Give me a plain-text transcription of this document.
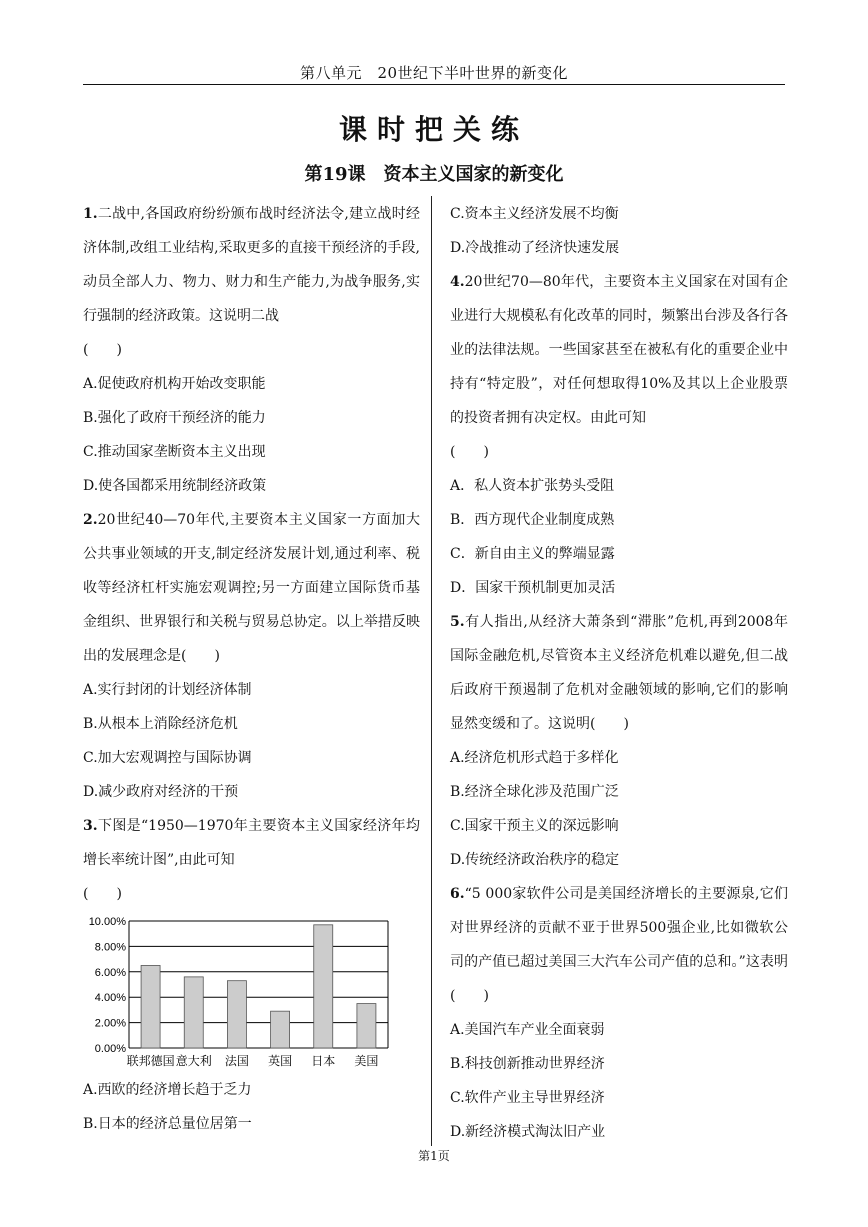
第八单元　20世纪下半叶世界的新变化
课时把关练
第19课　资本主义国家的新变化
1.二战中,各国政府纷纷颁布战时经济法令,建立战时经济体制,改组工业结构,采取更多的直接干预经济的手段,动员全部人力、物力、财力和生产能力,为战争服务,实行强制的经济政策。这说明二战
(　　)
A.促使政府机构开始改变职能
B.强化了政府干预经济的能力
C.推动国家垄断资本主义出现
D.使各国都采用统制经济政策
2.20世纪40—70年代,主要资本主义国家一方面加大公共事业领域的开支,制定经济发展计划,通过利率、税收等经济杠杆实施宏观调控;另一方面建立国际货币基金组织、世界银行和关税与贸易总协定。以上举措反映出的发展理念是(　　)
A.实行封闭的计划经济体制
B.从根本上消除经济危机
C.加大宏观调控与国际协调
D.减少政府对经济的干预
3.下图是“1950—1970年主要资本主义国家经济年均增长率统计图”,由此可知
(　　)
0.00%
2.00%
4.00%
6.00%
8.00%
10.00%
联邦德国 意大利 法国 英国 日本 美国
A.西欧的经济增长趋于乏力
B.日本的经济总量位居第一
C.资本主义经济发展不均衡
D.冷战推动了经济快速发展
4.20世纪70—80年代，主要资本主义国家在对国有企业进行大规模私有化改革的同时，频繁出台涉及各行各业的法律法规。一些国家甚至在被私有化的重要企业中持有“特定股”，对任何想取得10%及其以上企业股票的投资者拥有决定权。由此可知
(　　)
A．私人资本扩张势头受阻
B．西方现代企业制度成熟
C．新自由主义的弊端显露
D．国家干预机制更加灵活
5.有人指出,从经济大萧条到“滞胀”危机,再到2008年国际金融危机,尽管资本主义经济危机难以避免,但二战后政府干预遏制了危机对金融领域的影响,它们的影响显然变缓和了。这说明(　　)
A.经济危机形式趋于多样化
B.经济全球化涉及范围广泛
C.国家干预主义的深远影响
D.传统经济政治秩序的稳定
6.“5 000家软件公司是美国经济增长的主要源泉,它们对世界经济的贡献不亚于世界500强企业,比如微软公司的产值已超过美国三大汽车公司产值的总和。”这表明(　　)
A.美国汽车产业全面衰弱
B.科技创新推动世界经济
C.软件产业主导世界经济
D.新经济模式淘汰旧产业
第1页
